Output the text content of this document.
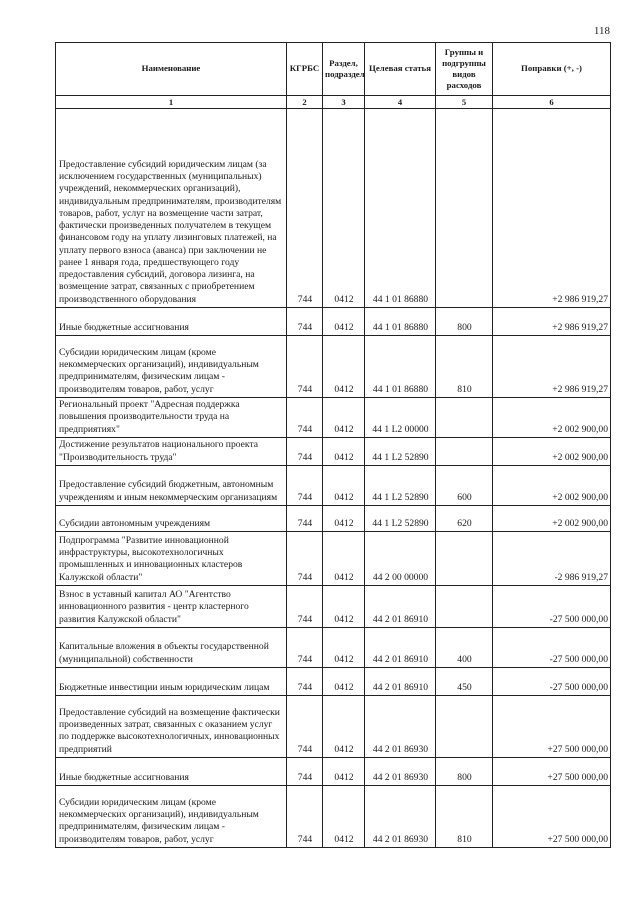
118
Наименование	КГРБС	Раздел, подраздел	Целевая статья	Группы и подгруппы видов расходов	Поправки (+, -)
1	2	3	4	5	6
Предоставление субсидий юридическим лицам (за исключением государственных (муниципальных) учреждений, некоммерческих организаций), индивидуальным предпринимателям, производителям товаров, работ, услуг на возмещение части затрат, фактически произведенных получателем в текущем финансовом году на уплату лизинговых платежей, на уплату первого взноса (аванса) при заключении не ранее 1 января года, предшествующего году предоставления субсидий, договора лизинга, на возмещение затрат, связанных с приобретением производственного оборудования	744	0412	44 1 01 86880		+2 986 919,27
Иные бюджетные ассигнования	744	0412	44 1 01 86880	800	+2 986 919,27
Субсидии юридическим лицам (кроме некоммерческих организаций), индивидуальным предпринимателям, физическим лицам - производителям товаров, работ, услуг	744	0412	44 1 01 86880	810	+2 986 919,27
Региональный проект "Адресная поддержка повышения производительности труда на предприятиях"	744	0412	44 1 L2 00000		+2 002 900,00
Достижение результатов национального проекта "Производительность труда"	744	0412	44 1 L2 52890		+2 002 900,00
Предоставление субсидий бюджетным, автономным учреждениям и иным некоммерческим организациям	744	0412	44 1 L2 52890	600	+2 002 900,00
Субсидии автономным учреждениям	744	0412	44 1 L2 52890	620	+2 002 900,00
Подпрограмма "Развитие инновационной инфраструктуры, высокотехнологичных промышленных и инновационных кластеров Калужской области"	744	0412	44 2 00 00000		-2 986 919,27
Взнос в уставный капитал АО "Агентство инновационного развития - центр кластерного развития Калужской области"	744	0412	44 2 01 86910		-27 500 000,00
Капитальные вложения в объекты государственной (муниципальной) собственности	744	0412	44 2 01 86910	400	-27 500 000,00
Бюджетные инвестиции иным юридическим лицам	744	0412	44 2 01 86910	450	-27 500 000,00
Предоставление субсидий на возмещение фактически произведенных затрат, связанных с оказанием услуг по поддержке высокотехнологичных, инновационных предприятий	744	0412	44 2 01 86930		+27 500 000,00
Иные бюджетные ассигнования	744	0412	44 2 01 86930	800	+27 500 000,00
Субсидии юридическим лицам (кроме некоммерческих организаций), индивидуальным предпринимателям, физическим лицам - производителям товаров, работ, услуг	744	0412	44 2 01 86930	810	+27 500 000,00
